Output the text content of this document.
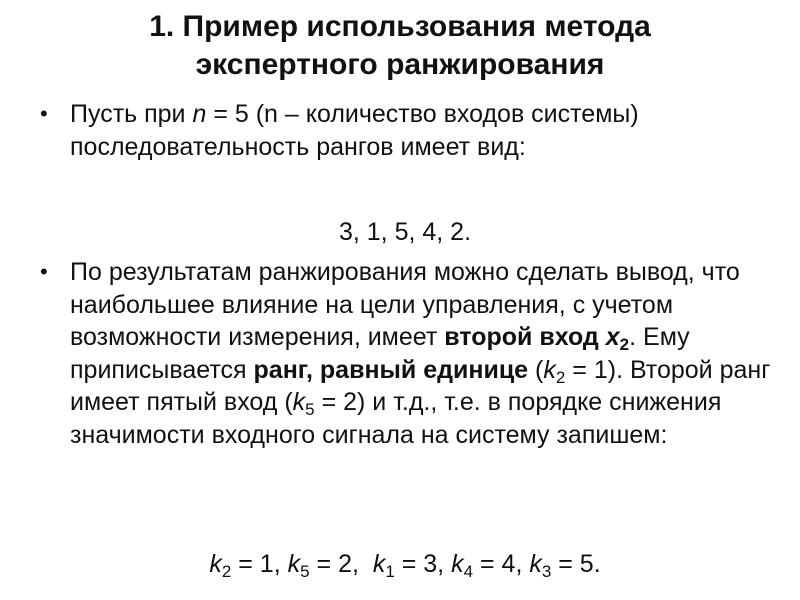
1. Пример использования метода
экспертного ранжирования
• Пусть при n = 5 (n – количество входов системы) последовательность рангов имеет вид:
3, 1, 5, 4, 2.
• По результатам ранжирования можно сделать вывод, что наибольшее влияние на цели управления, с учетом возможности измерения, имеет второй вход $x_2$. Ему приписывается ранг, равный единице $(k_2 = 1)$. Второй ранг имеет пятый вход $(k_5 = 2)$ и т.д., т.е. в порядке снижения значимости входного сигнала на систему запишем:
$k_2 = 1$, $k_5 = 2$,  $k_1 = 3$, $k_4 = 4$, $k_3 = 5$.
